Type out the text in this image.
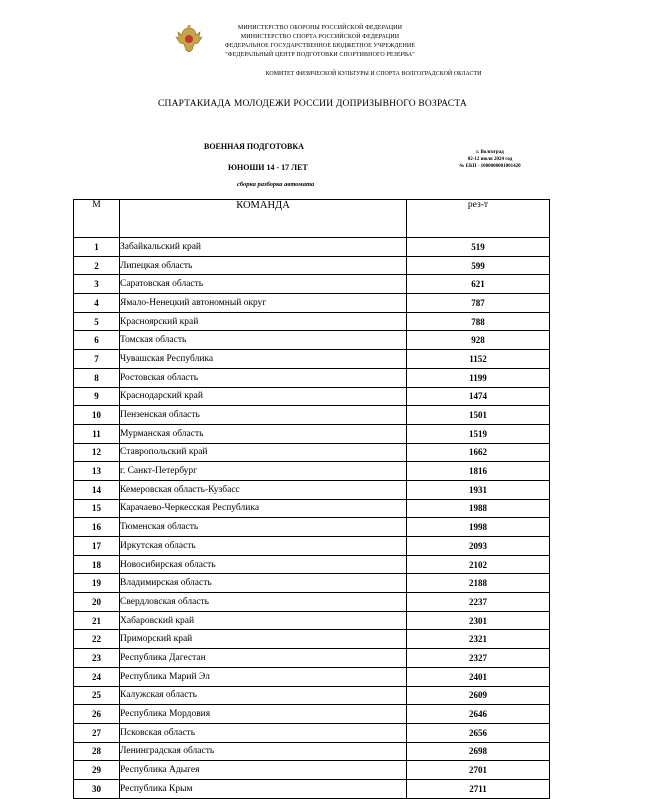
МИНИСТЕРСТВО ОБОРОНЫ РОССИЙСКОЙ ФЕДЕРАЦИИ
МИНИСТЕРСТВО СПОРТА РОССИЙСКОЙ ФЕДЕРАЦИИ
ФЕДЕРАЛЬНОЕ ГОСУДАРСТВЕННОЕ БЮДЖЕТНОЕ УЧРЕЖДЕНИЕ
"ФЕДЕРАЛЬНЫЙ ЦЕНТР ПОДГОТОВКИ СПОРТИВНОГО РЕЗЕРВА"
КОМИТЕТ ФИЗИЧЕСКОЙ КУЛЬТУРЫ И СПОРТА ВОЛГОГРАДСКОЙ ОБЛАСТИ
СПАРТАКИАДА МОЛОДЕЖИ РОССИИ ДОПРИЗЫВНОГО ВОЗРАСТА
ВОЕННАЯ ПОДГОТОВКА
ЮНОШИ 14 - 17 ЛЕТ
сборка разборка автомата
г. Волгоград
02-12 июля 2024 год
№ ЕКП - 1000000001001420
М	КОМАНДА	рез-т
1	Забайкальский край	519
2	Липецкая область	599
3	Саратовская область	621
4	Ямало-Ненецкий автономный округ	787
5	Красноярский край	788
6	Томская область	928
7	Чувашская Республика	1152
8	Ростовская область	1199
9	Краснодарский край	1474
10	Пензенская область	1501
11	Мурманская область	1519
12	Ставропольский край	1662
13	г. Санкт-Петербург	1816
14	Кемеровская область-Кузбасс	1931
15	Карачаево-Черкесская Республика	1988
16	Тюменская область	1998
17	Иркутская область	2093
18	Новосибирская область	2102
19	Владимирская область	2188
20	Свердловская область	2237
21	Хабаровский край	2301
22	Приморский край	2321
23	Республика Дагестан	2327
24	Республика Марий Эл	2401
25	Калужская область	2609
26	Республика Мордовия	2646
27	Псковская область	2656
28	Ленинградская область	2698
29	Республика Адыгея	2701
30	Республика Крым	2711
